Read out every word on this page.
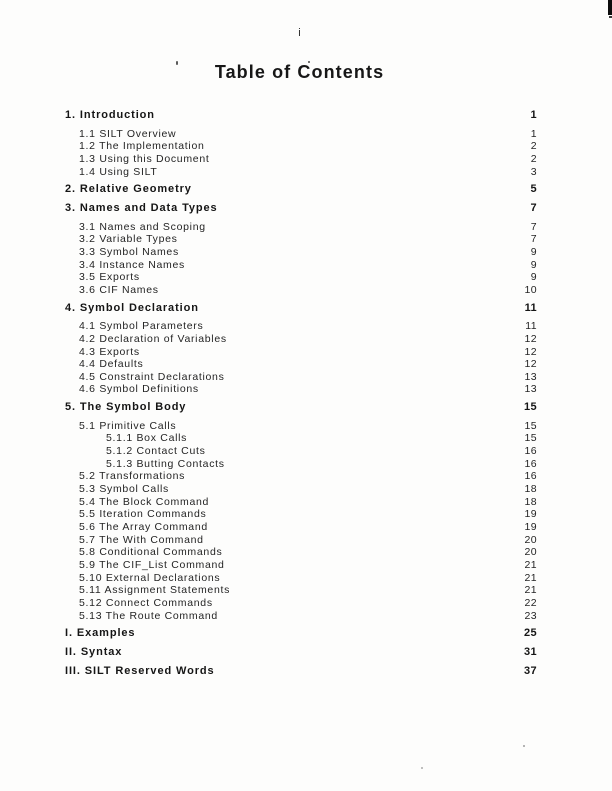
i
Table of Contents
1. Introduction	1
1.1 SILT Overview	1
1.2 The Implementation	2
1.3 Using this Document	2
1.4 Using SILT	3
2. Relative Geometry	5
3. Names and Data Types	7
3.1 Names and Scoping	7
3.2 Variable Types	7
3.3 Symbol Names	9
3.4 Instance Names	9
3.5 Exports	9
3.6 CIF Names	10
4. Symbol Declaration	11
4.1 Symbol Parameters	11
4.2 Declaration of Variables	12
4.3 Exports	12
4.4 Defaults	12
4.5 Constraint Declarations	13
4.6 Symbol Definitions	13
5. The Symbol Body	15
5.1 Primitive Calls	15
5.1.1 Box Calls	15
5.1.2 Contact Cuts	16
5.1.3 Butting Contacts	16
5.2 Transformations	16
5.3 Symbol Calls	18
5.4 The Block Command	18
5.5 Iteration Commands	19
5.6 The Array Command	19
5.7 The With Command	20
5.8 Conditional Commands	20
5.9 The CIF_List Command	21
5.10 External Declarations	21
5.11 Assignment Statements	21
5.12 Connect Commands	22
5.13 The Route Command	23
I. Examples	25
II. Syntax	31
III. SILT Reserved Words	37
